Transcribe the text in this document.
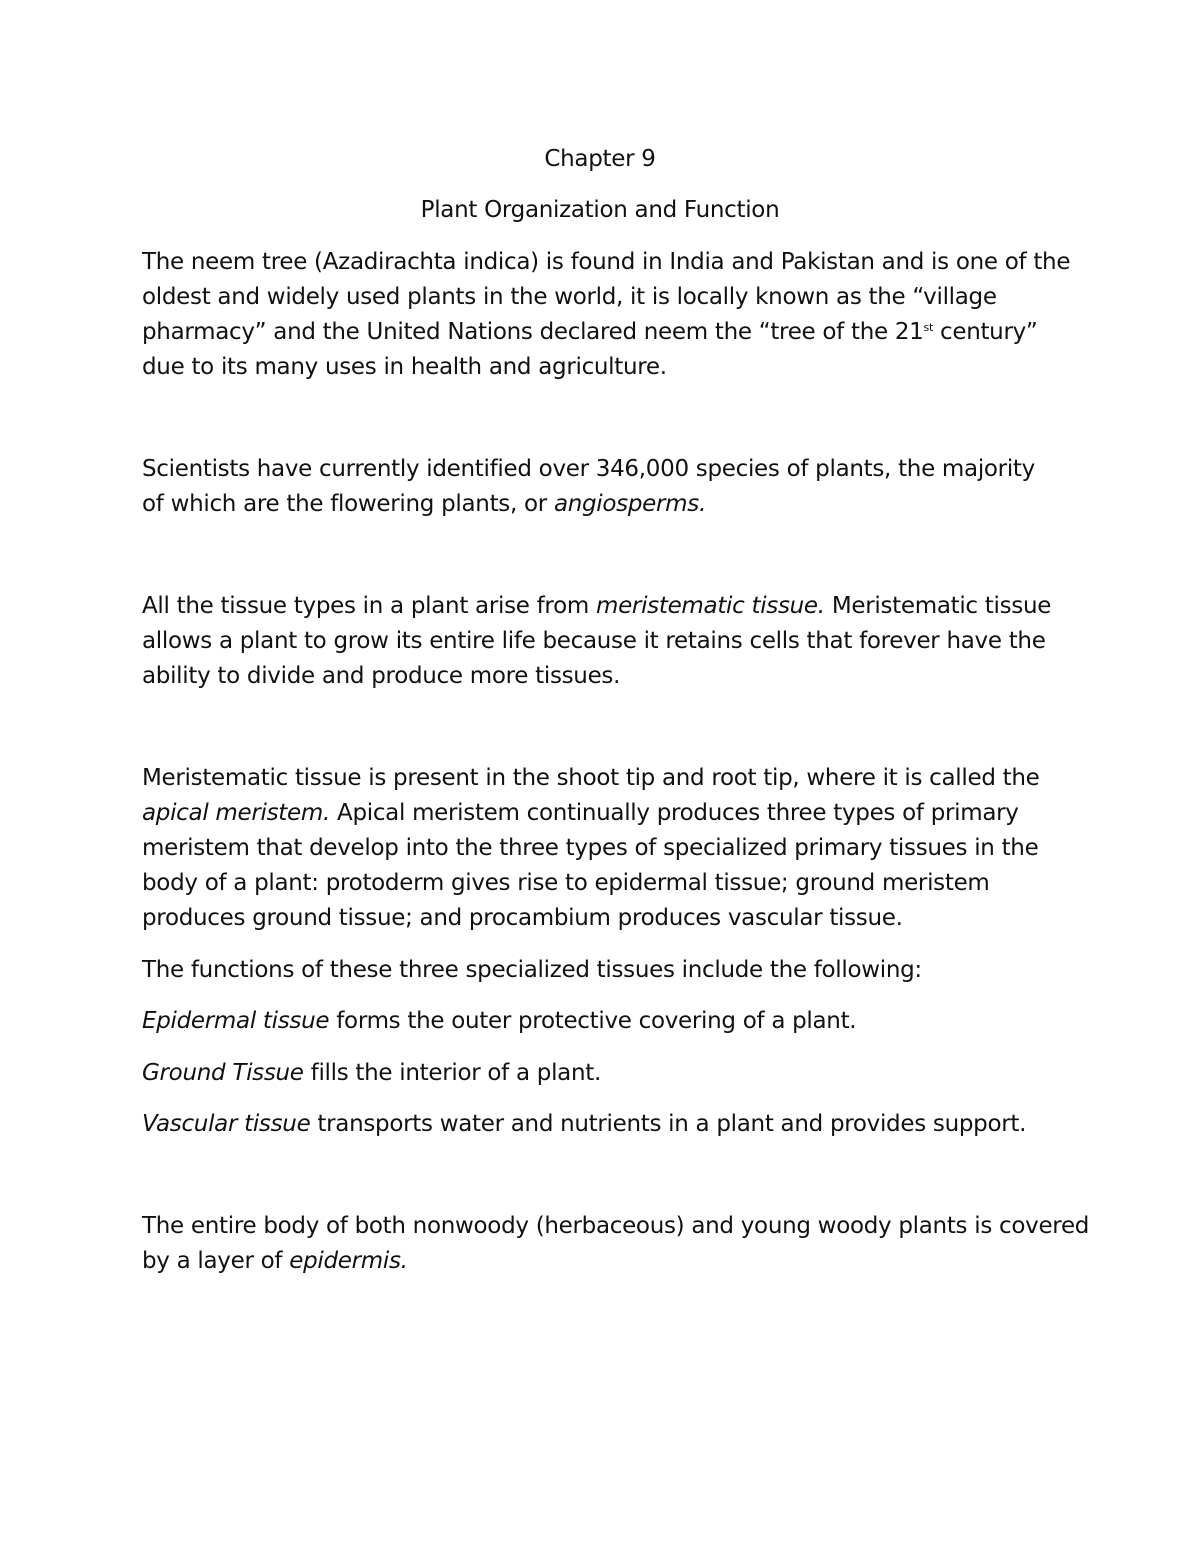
Chapter 9
Plant Organization and Function
The neem tree (Azadirachta indica) is found in India and Pakistan and is one of the
oldest and widely used plants in the world, it is locally known as the “village
pharmacy” and the United Nations declared neem the “tree of the 21st century”
due to its many uses in health and agriculture.
Scientists have currently identified over 346,000 species of plants, the majority
of which are the flowering plants, or angiosperms.
All the tissue types in a plant arise from meristematic tissue. Meristematic tissue
allows a plant to grow its entire life because it retains cells that forever have the
ability to divide and produce more tissues.
Meristematic tissue is present in the shoot tip and root tip, where it is called the
apical meristem. Apical meristem continually produces three types of primary
meristem that develop into the three types of specialized primary tissues in the
body of a plant: protoderm gives rise to epidermal tissue; ground meristem
produces ground tissue; and procambium produces vascular tissue.
The functions of these three specialized tissues include the following:
Epidermal tissue forms the outer protective covering of a plant.
Ground Tissue fills the interior of a plant.
Vascular tissue transports water and nutrients in a plant and provides support.
The entire body of both nonwoody (herbaceous) and young woody plants is covered
by a layer of epidermis.
